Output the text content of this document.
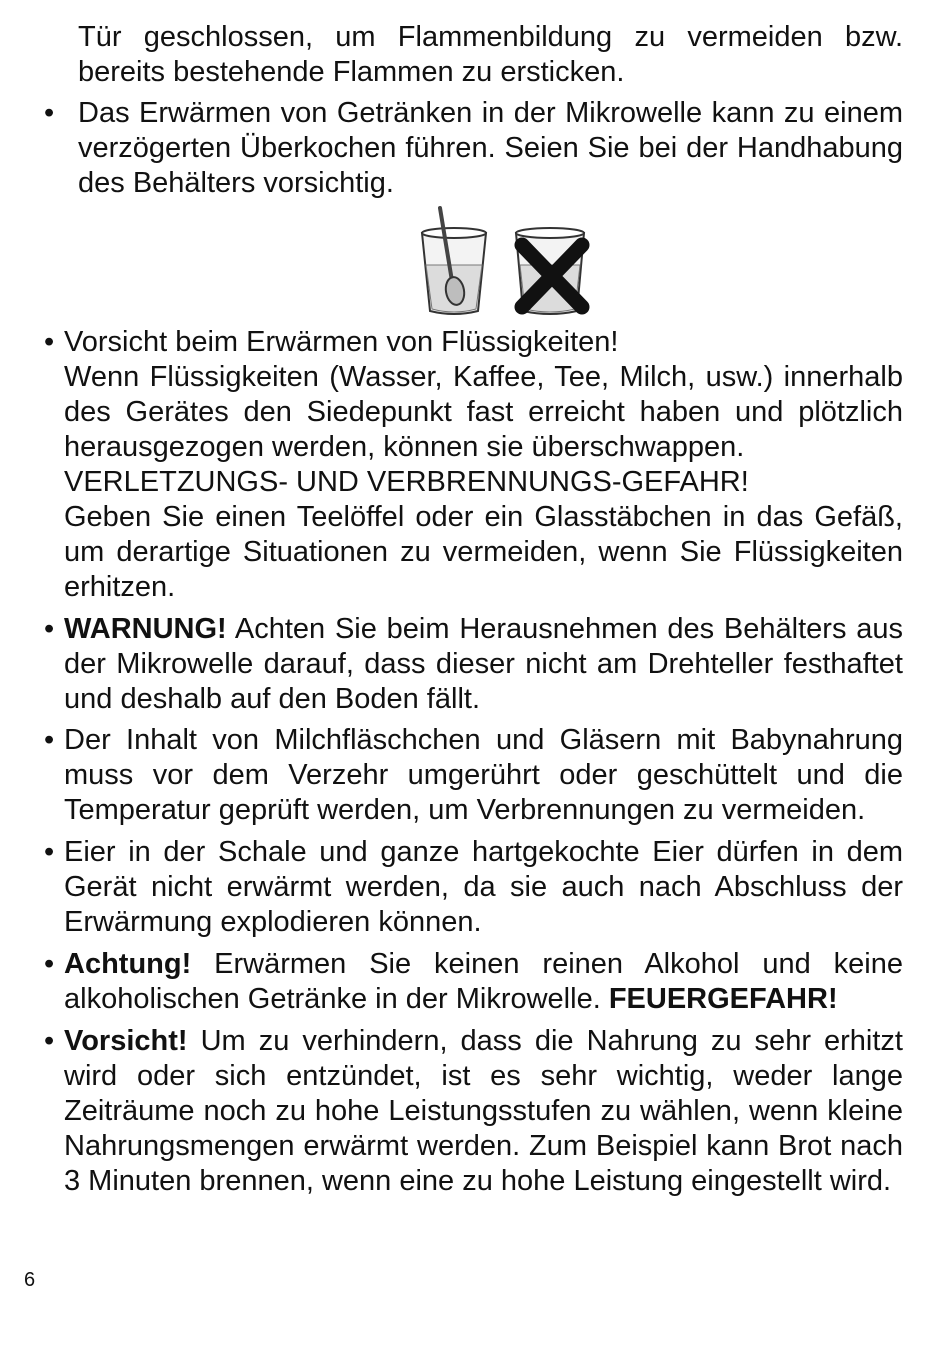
Tür geschlossen, um Flammenbildung zu vermeiden bzw. bereits bestehende Flammen zu ersticken.

• Das Erwärmen von Getränken in der Mikrowelle kann zu einem verzögerten Überkochen führen. Seien Sie bei der Handhabung des Behälters vorsichtig.

• Vorsicht beim Erwärmen von Flüssigkeiten!
Wenn Flüssigkeiten (Wasser, Kaffee, Tee, Milch, usw.) innerhalb des Gerätes den Siedepunkt fast erreicht haben und plötzlich herausgezogen werden, können sie überschwappen.
VERLETZUNGS- UND VERBRENNUNGS-GEFAHR!
Geben Sie einen Teelöffel oder ein Glasstäbchen in das Gefäß, um derartige Situationen zu vermeiden, wenn Sie Flüssigkeiten erhitzen.
• WARNUNG! Achten Sie beim Herausnehmen des Behälters aus der Mikrowelle darauf, dass dieser nicht am Drehteller festhaftet und deshalb auf den Boden fällt.

• Der Inhalt von Milchfläschchen und Gläsern mit Babynahrung muss vor dem Verzehr umgerührt oder geschüttelt und die Temperatur geprüft werden, um Verbrennungen zu vermeiden.

• Eier in der Schale und ganze hartgekochte Eier dürfen in dem Gerät nicht erwärmt werden, da sie auch nach Abschluss der Erwärmung explodieren können.

• Achtung! Erwärmen Sie keinen reinen Alkohol und keine alkoholischen Getränke in der Mikrowelle. FEUERGEFAHR!

• Vorsicht! Um zu verhindern, dass die Nahrung zu sehr erhitzt wird oder sich entzündet, ist es sehr wichtig, weder lange Zeiträume noch zu hohe Leistungsstufen zu wählen, wenn kleine Nahrungsmengen erwärmt werden. Zum Beispiel kann Brot nach 3 Minuten brennen, wenn eine zu hohe Leistung eingestellt wird.

6
